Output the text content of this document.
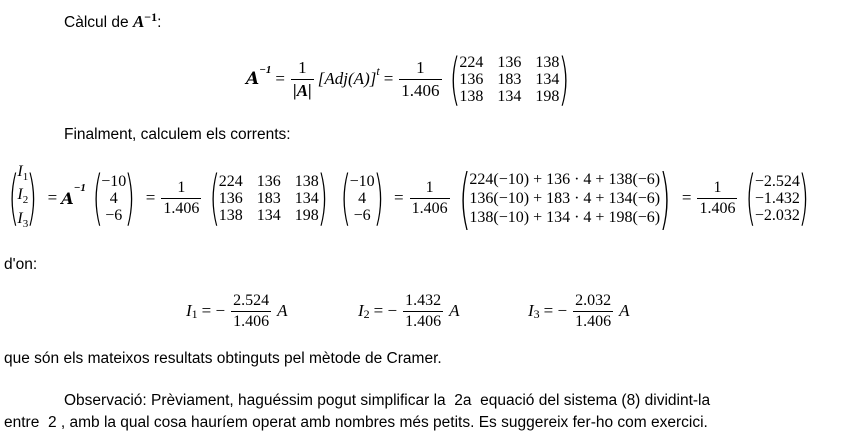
Càlcul de $A^{-1}$:
$A^{-1} = \frac{1}{|A|} [Adj(A)]^t = \frac{1}{1.406}$ ( 224 136 138
136 183 134
138 134 198 )
Finalment, calculem els corrents:
(
$I_1$
$I_2$
$I_3$
) = A
$^{-1}$ (
−10
4
−6 ) = $\frac{1}{1.406}$ (
224 136 138
136 183 134
138 134 198
) (
−10
4
−6 ) = $\frac{1}{1.406}$ ( 224(−10) + 136 · 4 + 138(−6)
136(−10) + 183 · 4 + 134(−6)
138(−10) + 134 · 4 + 198(−6) ) = $\frac{1}{1.406}$ (
−2.524
−1.432
−2.032
)
d'on:
$I_1$ = − $\frac{2.524}{1.406}$ A	$I_2$ = − $\frac{1.432}{1.406}$ A	$I_3$ = − $\frac{2.032}{1.406}$ A
que són els mateixos resultats obtinguts pel mètode de Cramer.
Observació: Prèviament, haguéssim pogut simplificar la  2a  equació del sistema (8) dividint-la
entre  2 , amb la qual cosa hauríem operat amb nombres més petits. Es suggereix fer-ho com exercici.
